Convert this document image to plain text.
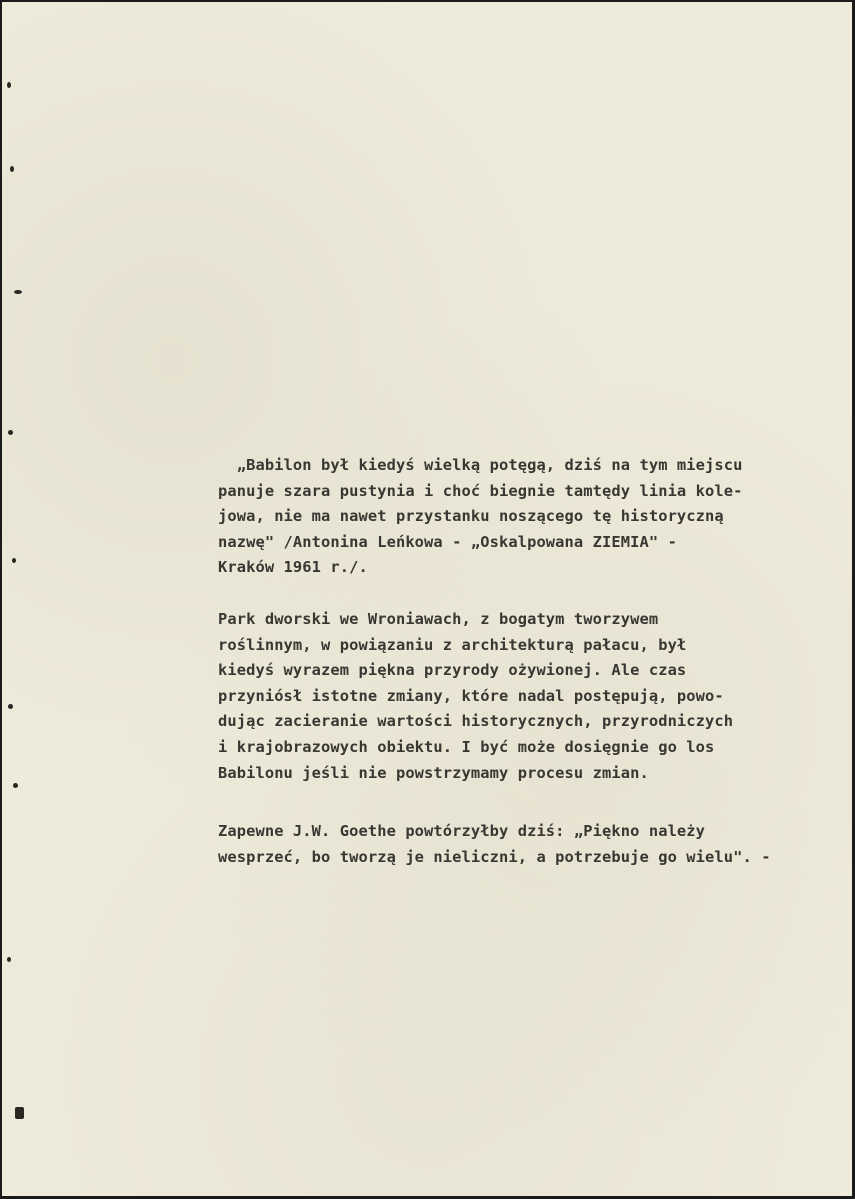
„Babilon był kiedyś wielką potęgą, dziś na tym miejscu
panuje szara pustynia i choć biegnie tamtędy linia kole-
jowa, nie ma nawet przystanku noszącego tę historyczną
nazwę" /Antonina Leńkowa - „Oskalpowana ZIEMIA" -
Kraków 1961 r./.

Park dworski we Wroniawach, z bogatym tworzywem
roślinnym, w powiązaniu z architekturą pałacu, był
kiedyś wyrazem piękna przyrody ożywionej. Ale czas
przyniósł istotne zmiany, które nadal postępują, powo-
dując zacieranie wartości historycznych, przyrodniczych
i krajobrazowych obiektu. I być może dosięgnie go los
Babilonu jeśli nie powstrzymamy procesu zmian.

Zapewne J.W. Goethe powtórzyłby dziś: „Piękno należy
wesprzeć, bo tworzą je nieliczni, a potrzebuje go wielu". -
